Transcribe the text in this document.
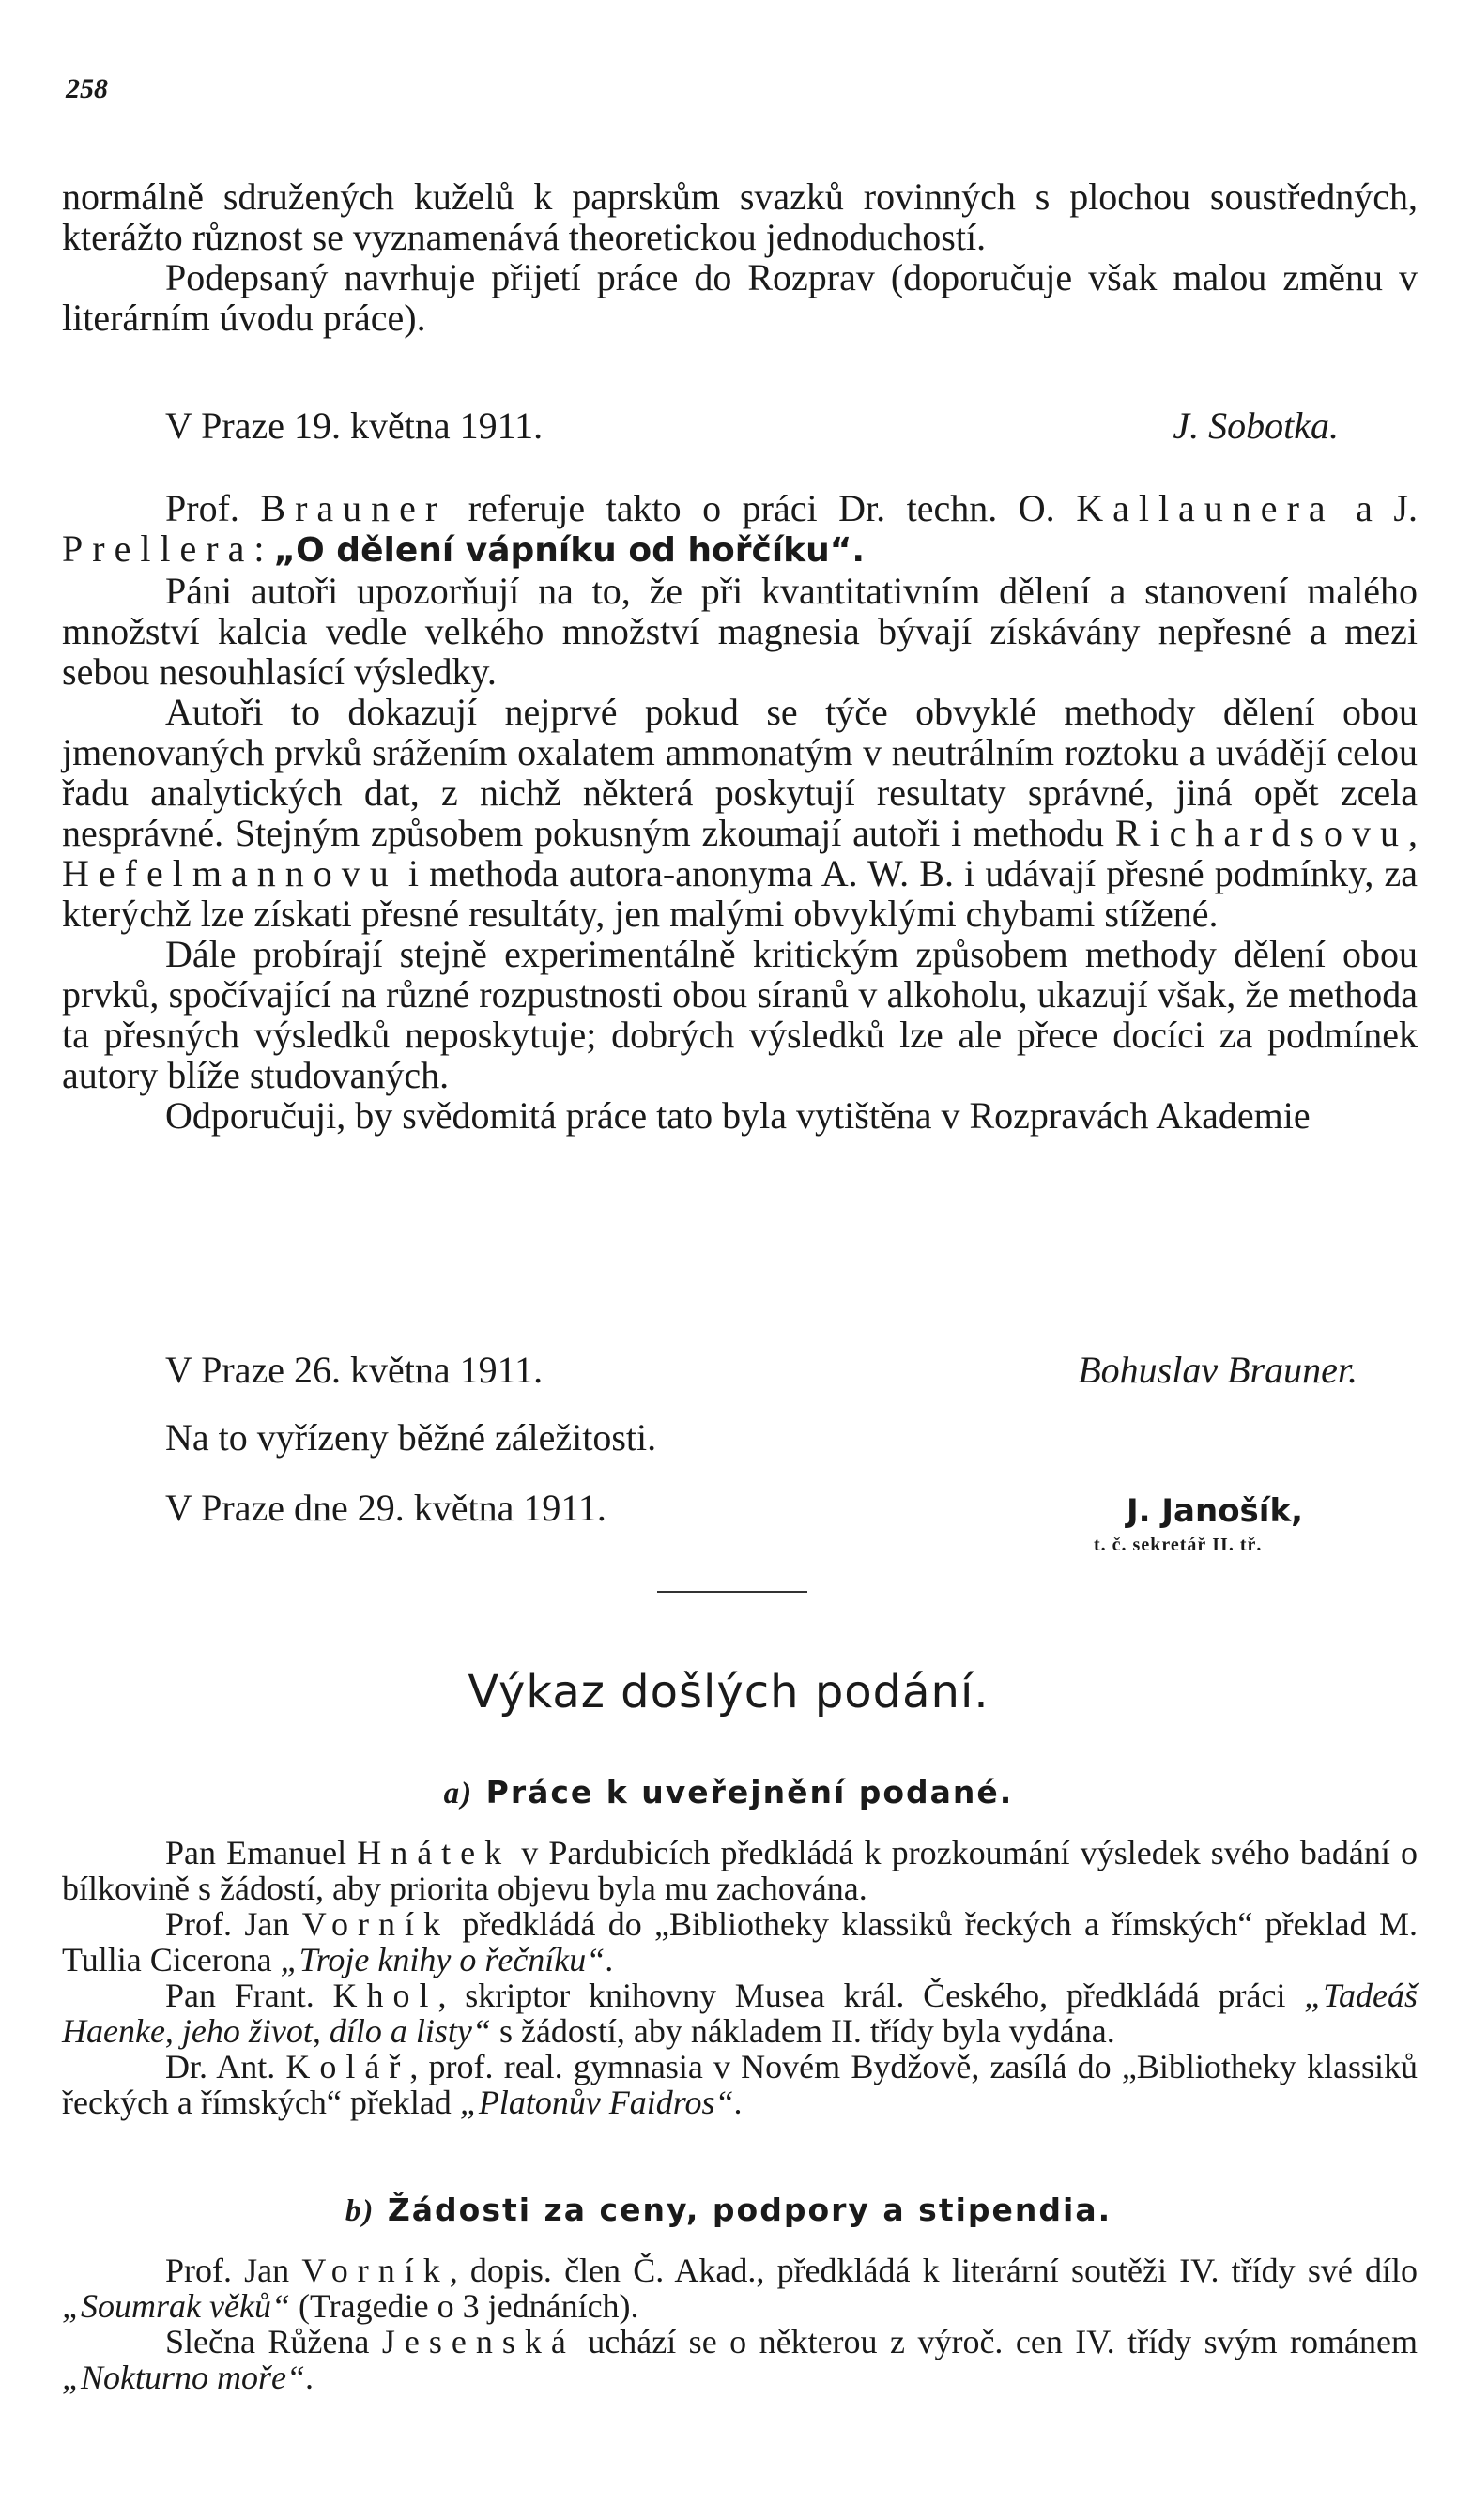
258

normálně sdružených kuželů k paprskům svazků rovinných s plochou soustředných, kterážto různost se vyznamenává theoretickou jednoduchostí.

Podepsaný navrhuje přijetí práce do Rozprav (doporučuje však malou změnu v literárním úvodu práce).

V Praze 19. května 1911.	J. Sobotka.

Prof. Brauner referuje takto o práci Dr. techn. O. Kallaunera a J. Prellera: „O dělení vápníku od hořčíku“.

Páni autoři upozorňují na to, že při kvantitativním dělení a stanovení malého množství kalcia vedle velkého množství magnesia bývají získávány nepřesné a mezi sebou nesouhlasící výsledky.

Autoři to dokazují nejprvé pokud se týče obvyklé methody dělení obou jmenovaných prvků srážením oxalatem ammonatým v neutrálním roztoku a uvádějí celou řadu analytických dat, z nichž některá poskytují resultaty správné, jiná opět zcela nesprávné. Stejným způsobem pokusným zkoumají autoři i methodu Richardsovu, Hefelmannovu i methoda autora-anonyma A. W. B. i udávají přesné podmínky, za kterýchž lze získati přesné resultáty, jen malými obvyklými chybami stížené.

Dále probírají stejně experimentálně kritickým způsobem methody dělení obou prvků, spočívající na různé rozpustnosti obou síranů v alkoholu, ukazují však, že methoda ta přesných výsledků neposkytuje; dobrých výsledků lze ale přece docíci za podmínek autory blíže studovaných.

Odporučuji, by svědomitá práce tato byla vytištěna v Rozpravách Akademie

V Praze 26. května 1911.	Bohuslav Brauner.
Na to vyřízeny běžné záležitosti.
V Praze dne 29. května 1911.	J. Janošík,
t. č. sekretář II. tř.
Výkaz došlých podání.
a) Práce k uveřejnění podané.

Pan Emanuel Hnátek v Pardubicích předkládá k prozkoumání výsledek svého badání o bílkovině s žádostí, aby priorita objevu byla mu zachována.

Prof. Jan Vorník předkládá do „Bibliotheky klassiků řeckých a římských“ překlad M. Tullia Cicerona „Troje knihy o řečníku“.

Pan Frant. Khol, skriptor knihovny Musea král. Českého, předkládá práci „Tadeáš Haenke, jeho život, dílo a listy“ s žádostí, aby nákladem II. třídy byla vydána.

Dr. Ant. Kolář, prof. real. gymnasia v Novém Bydžově, zasílá do „Bibliotheky klassiků řeckých a římských“ překlad „Platonův Faidros“.

b) Žádosti za ceny, podpory a stipendia.

Prof. Jan Vorník, dopis. člen Č. Akad., předkládá k literární soutěži IV. třídy své dílo „Soumrak věků“ (Tragedie o 3 jednáních).

Slečna Růžena Jesenská uchází se o některou z výroč. cen IV. třídy svým románem „Nokturno moře“.
